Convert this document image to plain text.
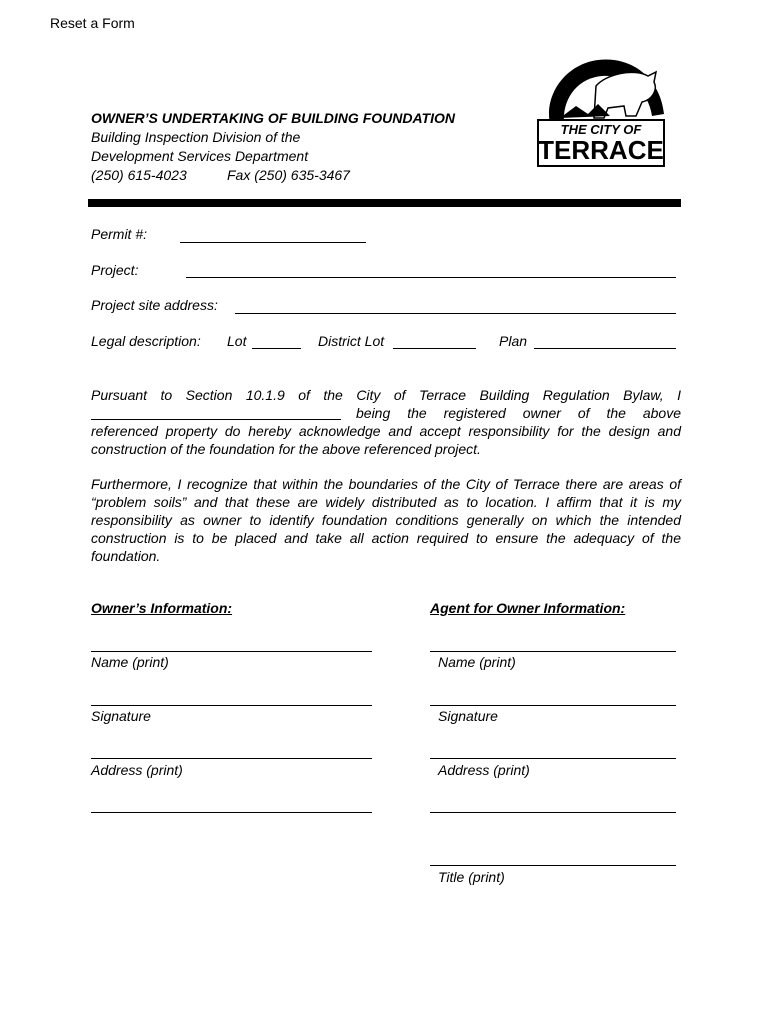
Reset a Form
OWNER’S UNDERTAKING OF BUILDING FOUNDATION
Building Inspection Division of the
Development Services Department
(250) 615-4023	Fax (250) 635-3467
THE CITY OF
TERRACE
Permit #:
Project:
Project site address:
Legal description: Lot	District Lot	Plan
Pursuant to Section 10.1.9 of the City of Terrace Building Regulation Bylaw, I
being the registered owner of the above
referenced property do hereby acknowledge and accept responsibility for the design and construction of the foundation for the above referenced project.
Furthermore, I recognize that within the boundaries of the City of Terrace there are areas of “problem soils” and that these are widely distributed as to location. I affirm that it is my responsibility as owner to identify foundation conditions generally on which the intended construction is to be placed and take all action required to ensure the adequacy of the foundation.
Owner’s Information:
Name (print)
Signature
Address (print)
Agent for Owner Information:
Name (print)
Signature
Address (print)
Title (print)
